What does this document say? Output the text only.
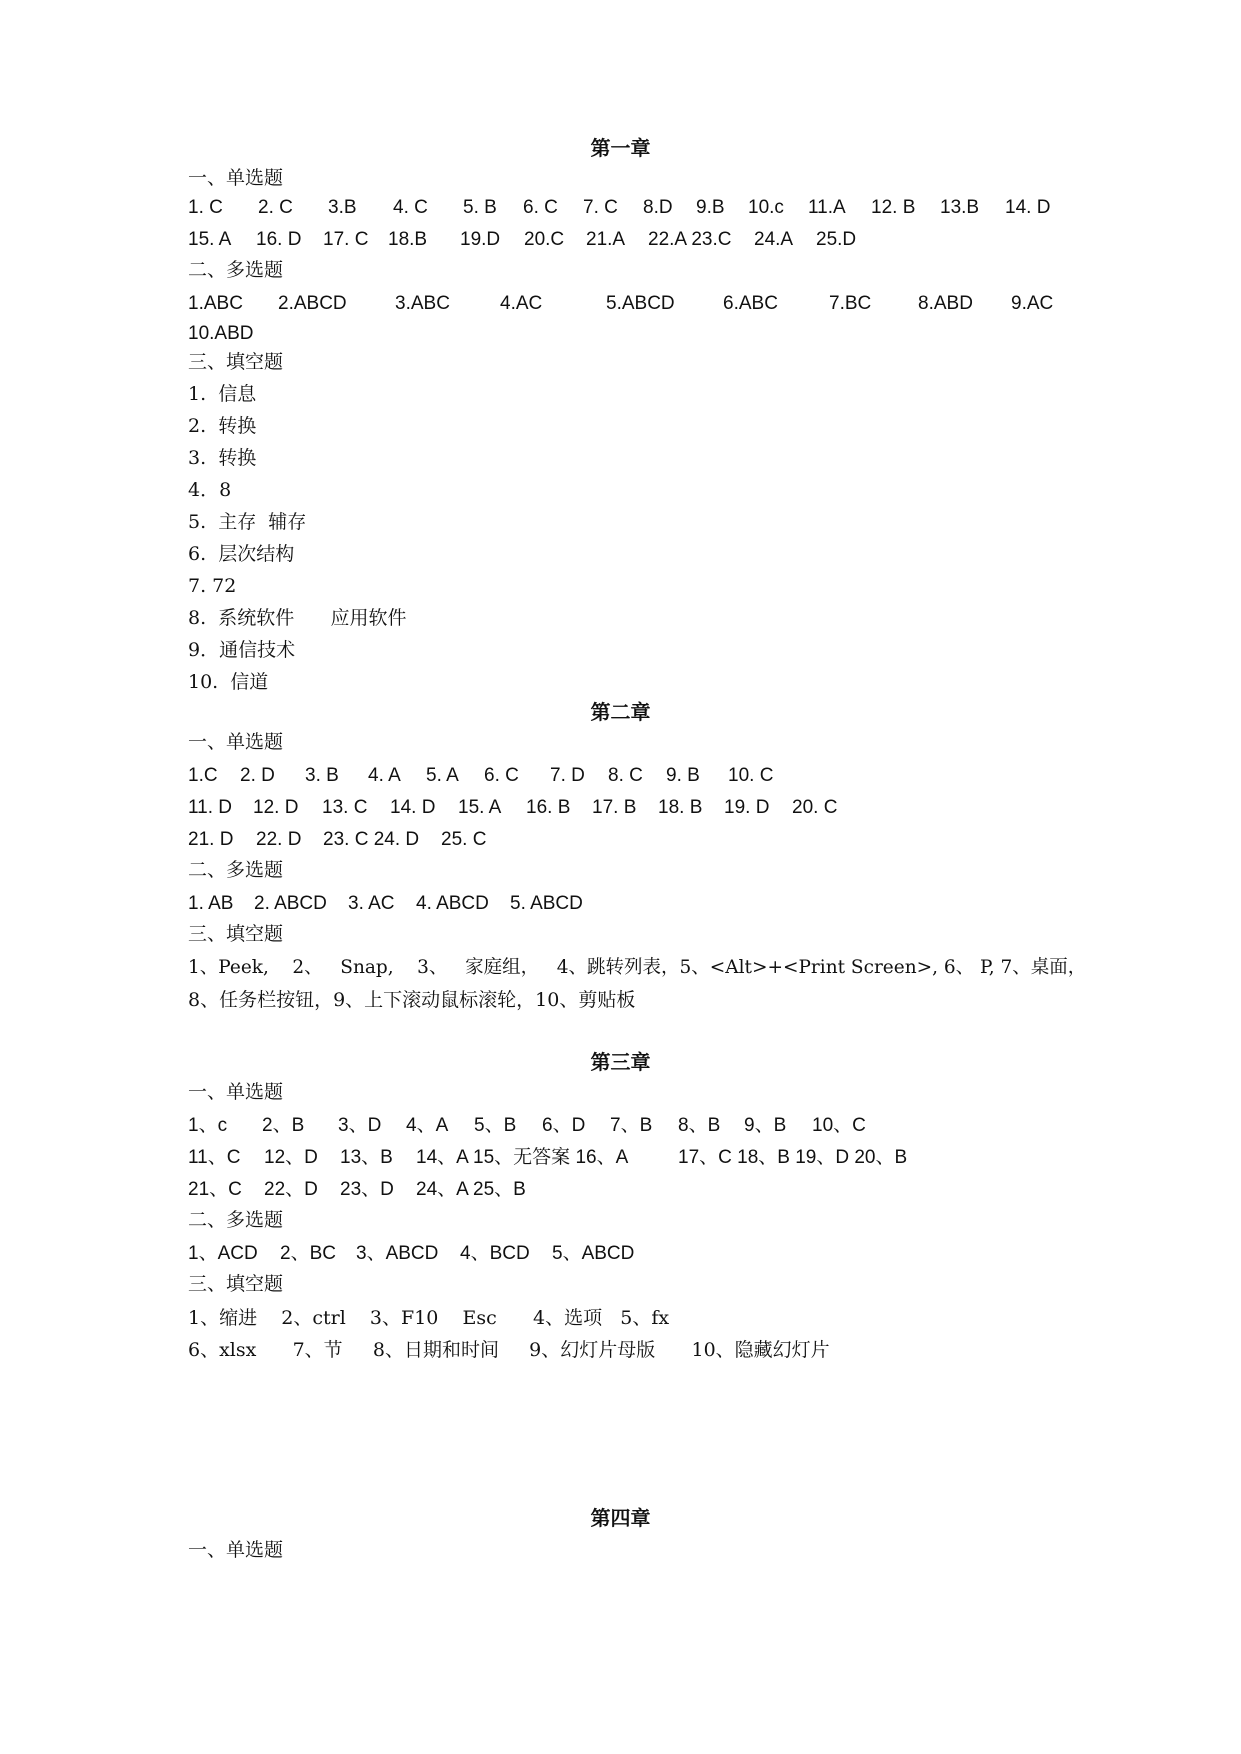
第一章
一、单选题
1. C 2. C 3.B 4. C 5. B 6. C 7. C 8.D 9.B 10.c 11.A 12. B 13.B 14. D
15. A 16. D 17. C 18.B 19.D 20.C 21.A 22.A 23.C 24.A 25.D
二、多选题
1.ABC 2.ABCD	3.ABC	4.AC	5.ABCD	6.ABC	7.BC 8.ABD 9.AC
10.ABD
三、填空题
1.  信息
2.  转换
3.  转换
4．8
5.  主存  辅存
6.  层次结构
7. 72
8.  系统软件      应用软件
9．通信技术
10.  信道
第二章
一、单选题
1.C 2. D 3. B 4. A 5. A 6. C 7. D 8. C 9. B 10. C
11. D 12. D 13. C 14. D 15. A 16. B 17. B 18. B 19. D 20. C
21. D 22. D 23. C 24. D 25. C
二、多选题
1. AB 2. ABCD 3. AC 4. ABCD 5. ABCD
三、填空题
1、Peek,    2、   Snap,    3、   家庭组，   4、跳转列表，5、<Alt>+<Print Screen>, 6、 P, 7、桌面，
8、任务栏按钮，9、上下滚动鼠标滚轮，10、剪贴板
第三章
一、单选题
1、c 2、B 3、D 4、A 5、B 6、D 7、B 8、B 9、B 10、C
11、C 12、D 13、B 14、A 15、无答案 16、A	17、C 18、B 19、D 20、B
21、C 22、D 23、D 24、A 25、B
二、多选题
1、ACD 2、BC 3、ABCD 4、BCD 5、ABCD
三、填空题
1、缩进    2、ctrl    3、F10    Esc      4、选项   5、fx
6、xlsx      7、节     8、日期和时间     9、幻灯片母版      10、隐藏幻灯片
第四章
一、单选题
